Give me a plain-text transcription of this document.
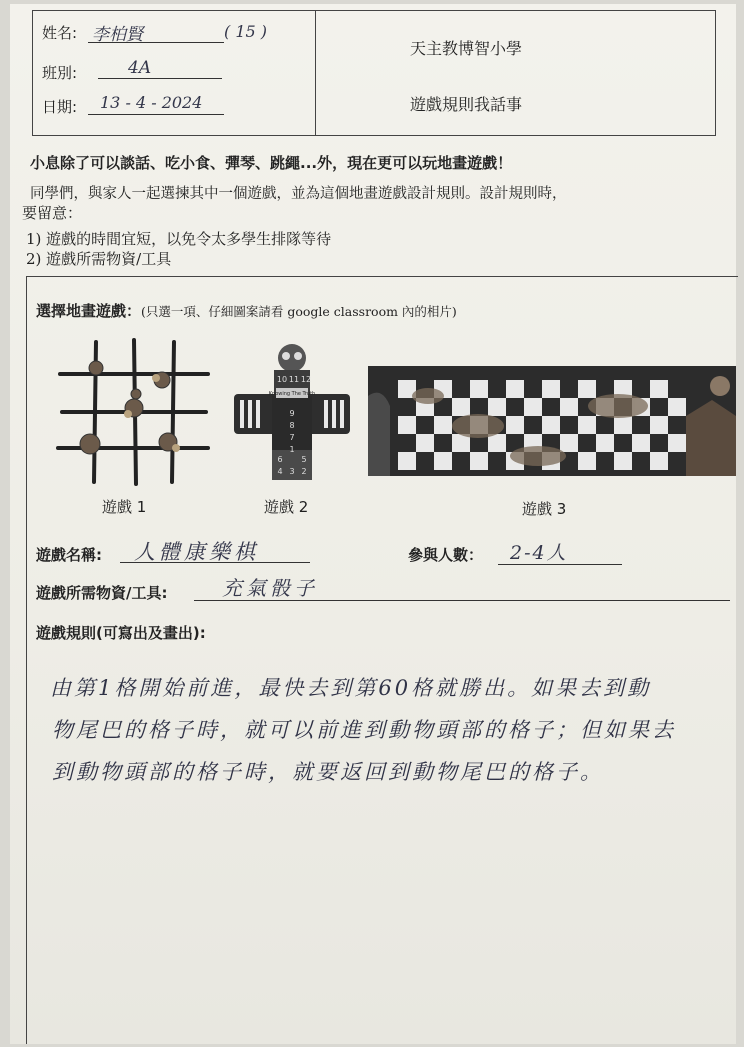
姓名: 李柏賢	( 15 )
班別:	4A
日期: 13 - 4 - 2024
天主教博智小學
遊戲規則我話事
小息除了可以談話、吃小食、彈琴、跳繩...外，現在更可以玩地畫遊戲！
同學們，與家人一起選揀其中一個遊戲，並為這個地畫遊戲設計規則。設計規則時，
要留意：
1) 遊戲的時間宜短，以免令太多學生排隊等待
2) 遊戲所需物資/工具
選擇地畫遊戲：(只選一項、仔細圖案請看 google classroom 內的相片)
10 11 12
9
8
7
6 5
4 3 2
1
Knowing The Truth
遊戲 1	遊戲 2	遊戲 3
遊戲名稱: 人體康樂棋	參與人數： 2-4人
遊戲所需物資/工具:	充氣骰子
遊戲規則(可寫出及畫出):
由第1格開始前進，最快去到第60格就勝出。如果去到動
物尾巴的格子時，就可以前進到動物頭部的格子；但如果去
到動物頭部的格子時，就要返回到動物尾巴的格子。
